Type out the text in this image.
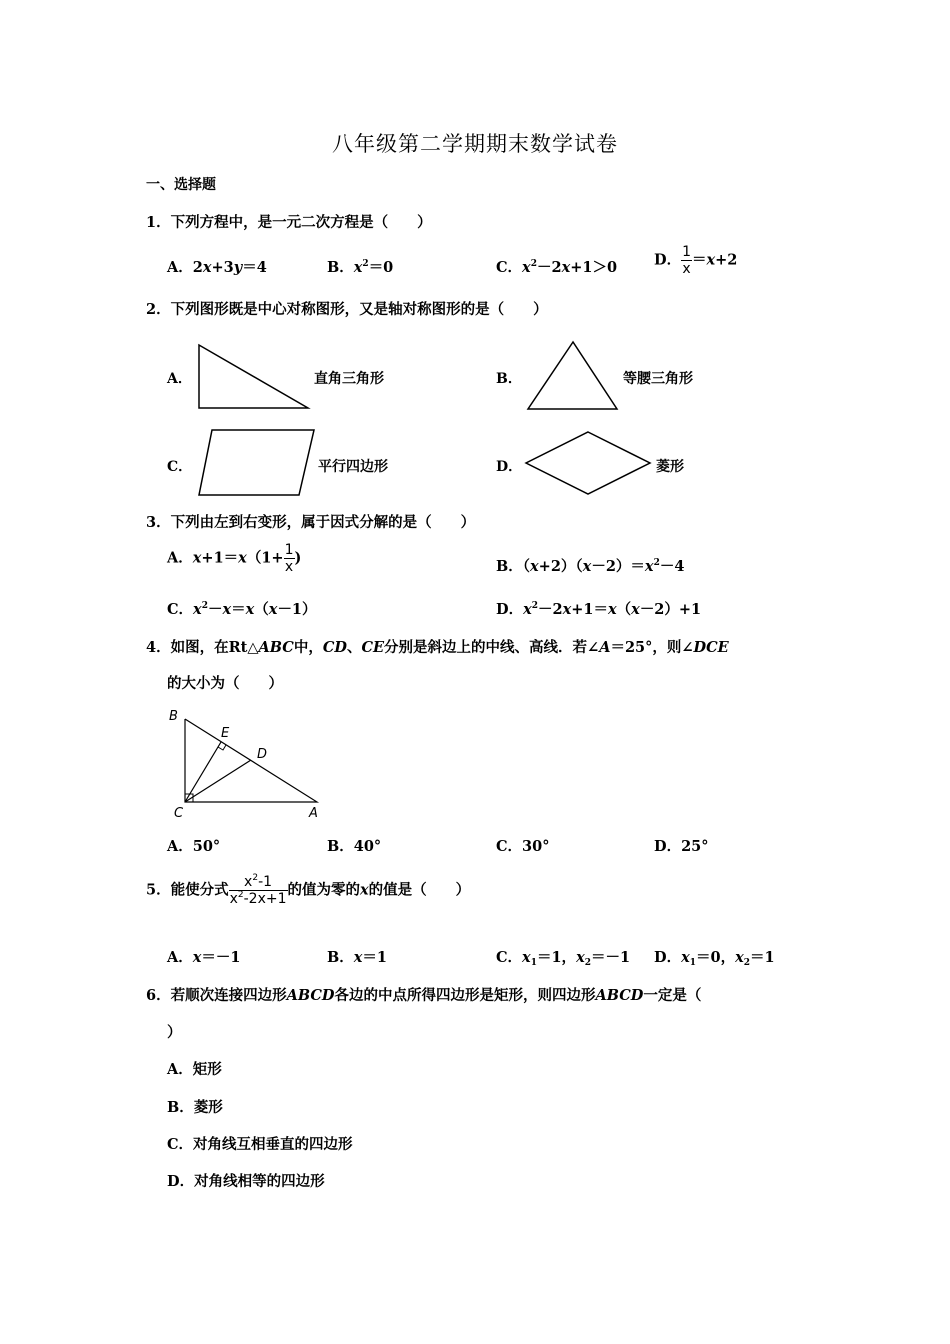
八年级第二学期期末数学试卷
一、选择题
1．下列方程中，是一元二次方程是（　　）
A．2x+3y＝4	B．$x^2=0$	C．$x^2-2x+1>0$	D． $\frac{1}{x} =x+2$
2．下列图形既是中心对称图形，又是轴对称图形的是（　　）
A．	直角三角形	B．	等腰三角形
C．	平行四边形	D．	菱形
3．下列由左到右变形，属于因式分解的是（　　）
A．$x+1=x(1+ \frac{1}{x}$ )	B．$(x+2)(x-2)=x^2-4$
C．$x^2-x=x(x-1)$	D．$x^2-2x+1=x(x-2)+1$
4．如图，在Rt△ABC中，CD、CE分别是斜边上的中线、高线．若∠A＝25°，则∠DCE
的大小为（　　）
B
E
D
C	A
A．50°	B．40°	C．30°	D．25°
5．能使分式 $\frac{x^2-1}{x^2-2x+1}$ 的值为零的x的值是（　　）
A．x＝－1	B．x＝1	C．$x_1=1$，$x_2=-1$ D．$x_1=0$，$x_2=1$
6．若顺次连接四边形ABCD各边的中点所得四边形是矩形，则四边形ABCD一定是（
）
A．矩形
B．菱形
C．对角线互相垂直的四边形
D．对角线相等的四边形
